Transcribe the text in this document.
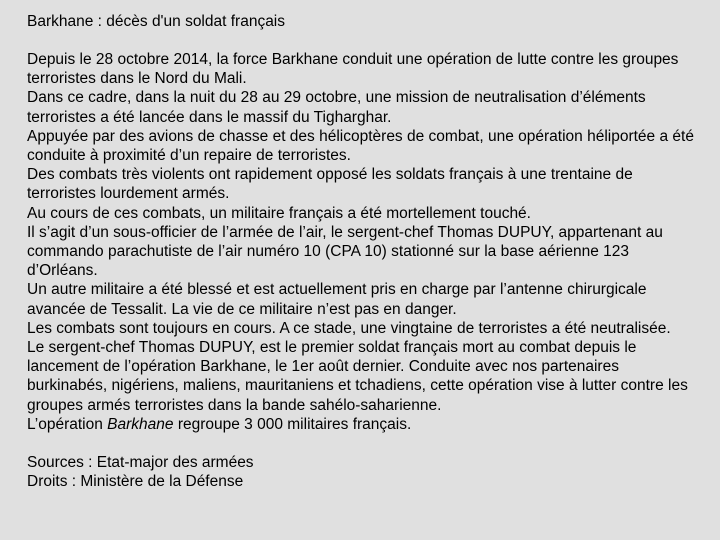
Barkhane : décès d'un soldat français

Depuis le 28 octobre 2014, la force Barkhane conduit une opération de lutte contre les groupes terroristes dans le Nord du Mali.

Dans ce cadre, dans la nuit du 28 au 29 octobre, une mission de neutralisation d’éléments terroristes a été lancée dans le massif du Tigharghar.

Appuyée par des avions de chasse et des hélicoptères de combat, une opération héliportée a été conduite à proximité d’un repaire de terroristes.

Des combats très violents ont rapidement opposé les soldats français à une trentaine de terroristes lourdement armés.

Au cours de ces combats, un militaire français a été mortellement touché.

Il s’agit d’un sous-officier de l’armée de l’air, le sergent-chef Thomas DUPUY, appartenant au commando parachutiste de l’air numéro 10 (CPA 10) stationné sur la base aérienne 123 d’Orléans.

Un autre militaire a été blessé et est actuellement pris en charge par l’antenne chirurgicale avancée de Tessalit. La vie de ce militaire n’est pas en danger.

Les combats sont toujours en cours. A ce stade, une vingtaine de terroristes a été neutralisée.

Le sergent-chef Thomas DUPUY, est le premier soldat français mort au combat depuis le lancement de l’opération Barkhane, le 1er août dernier. Conduite avec nos partenaires burkinabés, nigériens, maliens, mauritaniens et tchadiens, cette opération vise à lutter contre les groupes armés terroristes dans la bande sahélo-saharienne.

L’opération Barkhane regroupe 3 000 militaires français.

Sources : Etat-major des armées
Droits : Ministère de la Défense
